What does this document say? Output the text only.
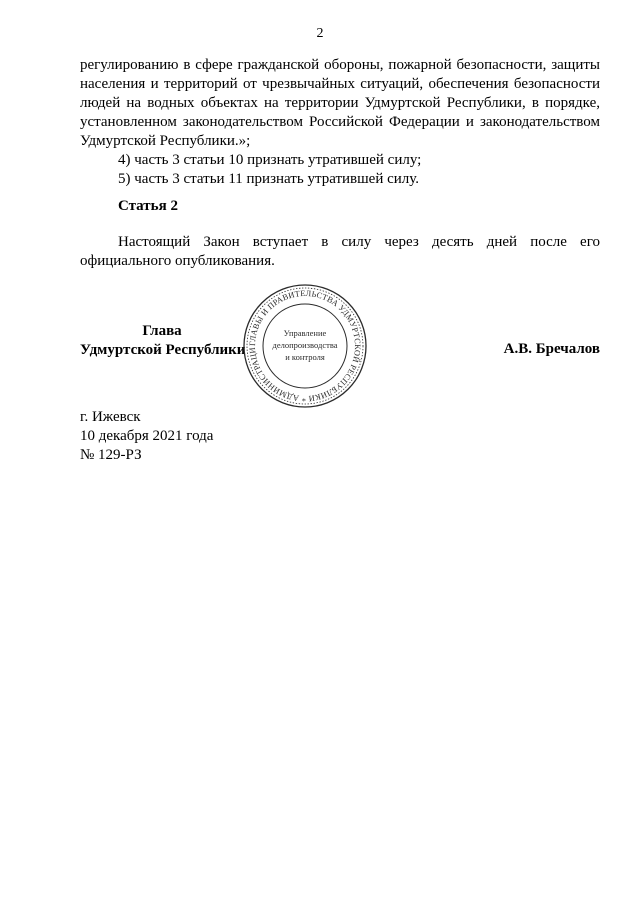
2

регулированию в сфере гражданской обороны, пожарной безопасности, защиты населения и территорий от чрезвычайных ситуаций, обеспечения безопасности людей на водных объектах на территории Удмуртской Республики, в порядке, установленном законодательством Российской Федерации и законодательством Удмуртской Республики.»;

4) часть 3 статьи 10 признать утратившей силу;

5) часть 3 статьи 11 признать утратившей силу.

Статья 2
Настоящий Закон вступает в силу через десять дней после его официального опубликования.
Глава
Удмуртской Республики ГЛАВЫ И ПРАВИТЕЛЬСТВА УДМУРТСКОЙ РЕСПУБЛИКИ * АДМИНИСТРАЦИ
Управление
делопроизводства
и контроля	А.В. Бречалов
г. Ижевск
10 декабря 2021 года
№ 129-РЗ
